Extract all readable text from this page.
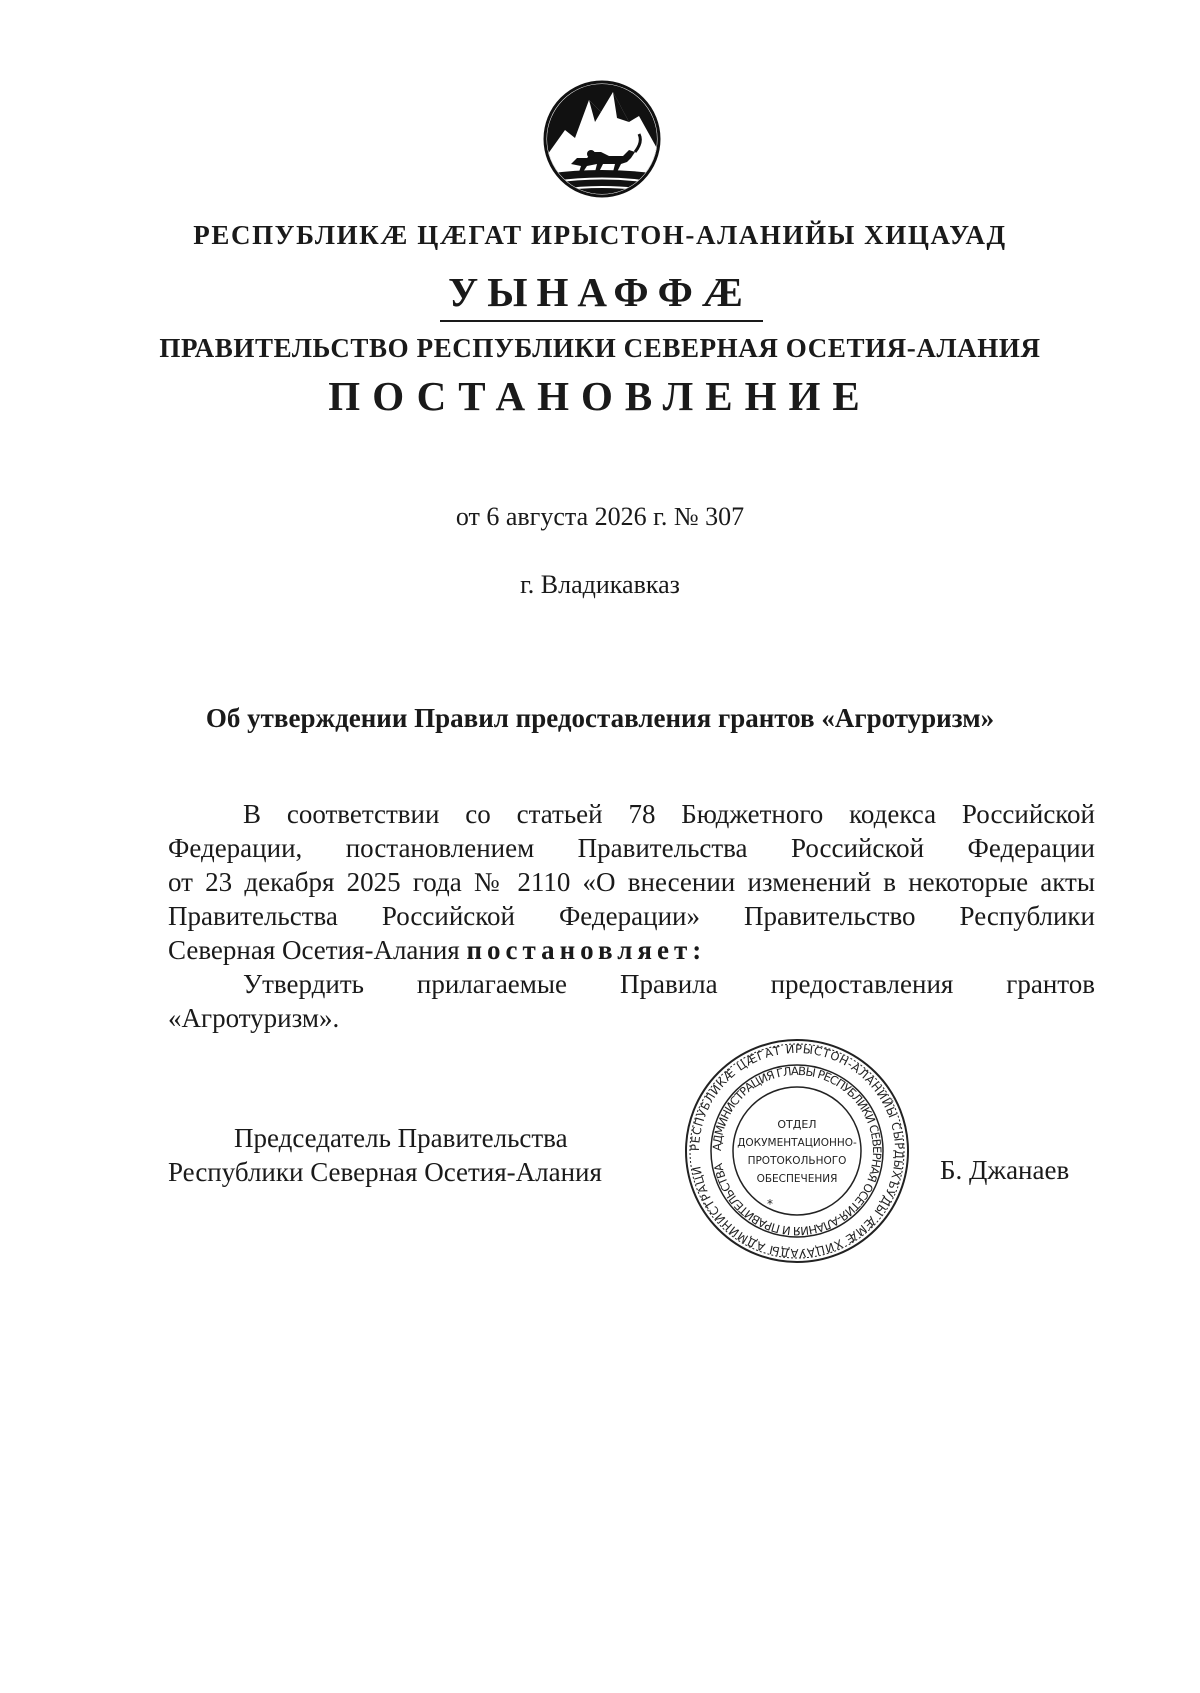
РЕСПУБЛИКӔ ЦӔГАТ ИРЫСТОН-АЛАНИЙЫ ХИЦАУАД
УЫНАФФӔ
ПРАВИТЕЛЬСТВО РЕСПУБЛИКИ СЕВЕРНАЯ ОСЕТИЯ-АЛАНИЯ
ПОСТАНОВЛЕНИЕ
от 6 августа 2026 г. № 307
г. Владикавказ
Об утверждении Правил предоставления грантов «Агротуризм»

В соответствии со статьей 78 Бюджетного кодекса Российской

Федерации, постановлением Правительства Российской Федерации

от 23 декабря 2025 года № 2110 «О внесении изменений в некоторые акты

Правительства Российской Федерации» Правительство Республики

Северная Осетия-Алания постановляет:

Утвердить прилагаемые Правила предоставления грантов

«Агротуризм».

Председатель Правительства
Республики Северная Осетия-Алания	Б. Джанаев
РЕСПУБЛИКӔ ЦӔГАТ ИРЫСТОН-АЛАНИЙЫ СЫРДЫХЪУДЫ ӔМӔ ХИЦАУАДЫ АДМИНИСТРАЦИ
АДМИНИСТРАЦИЯ ГЛАВЫ РЕСПУБЛИКИ СЕВЕРНАЯ ОСЕТИЯ-АЛАНИЯ И ПРАВИТЕЛЬСТВА
ОТДЕЛ
ДОКУМЕНТАЦИОННО-
ПРОТОКОЛЬНОГО
ОБЕСПЕЧЕНИЯ
*
